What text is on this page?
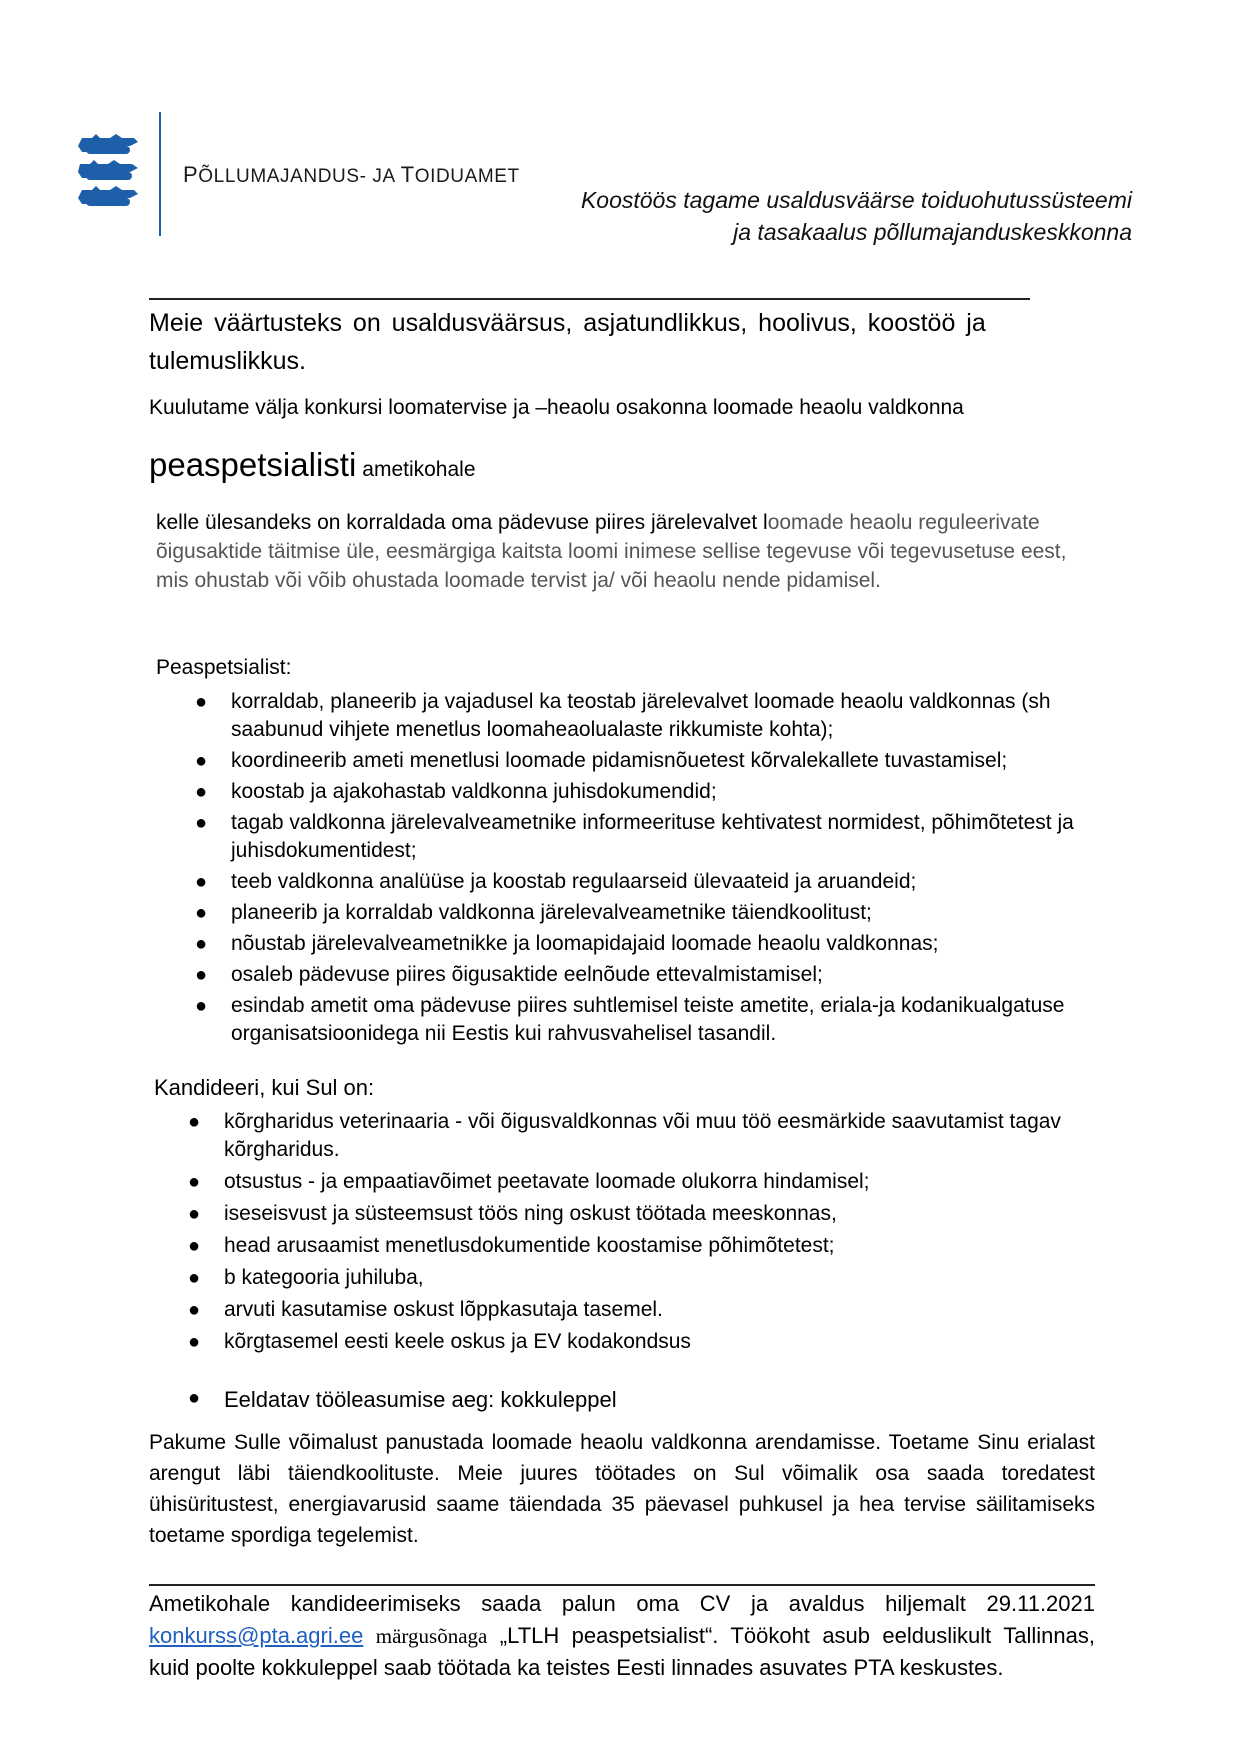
PÕLLUMAJANDUS- JA TOIDUAMET
Koostöös tagame usaldusväärse toiduohutussüsteemi
ja tasakaalus põllumajanduskeskkonna
Meie väärtusteks on usaldusväärsus, asjatundlikkus, hoolivus, koostöö ja tulemuslikkus.
Kuulutame välja konkursi loomatervise ja –heaolu osakonna loomade heaolu valdkonna
peaspetsialisti ametikohale
kelle ülesandeks on korraldada oma pädevuse piires järelevalvet loomade heaolu reguleerivate õigusaktide täitmise üle, eesmärgiga kaitsta loomi inimese sellise tegevuse või tegevusetuse eest, mis ohustab või võib ohustada loomade tervist ja/ või heaolu nende pidamisel.
Peaspetsialist:
● korraldab, planeerib ja vajadusel ka teostab järelevalvet loomade heaolu valdkonnas (sh saabunud vihjete menetlus loomaheaolualaste rikkumiste kohta);
● koordineerib ameti menetlusi loomade pidamisnõuetest kõrvalekallete tuvastamisel;
● koostab ja ajakohastab valdkonna juhisdokumendid;
● tagab valdkonna järelevalveametnike informeerituse kehtivatest normidest, põhimõtetest ja juhisdokumentidest;
● teeb valdkonna analüüse ja koostab regulaarseid ülevaateid ja aruandeid;
● planeerib ja korraldab valdkonna järelevalveametnike täiendkoolitust;
● nõustab järelevalveametnikke ja loomapidajaid loomade heaolu valdkonnas;
● osaleb pädevuse piires õigusaktide eelnõude ettevalmistamisel;
● esindab ametit oma pädevuse piires suhtlemisel teiste ametite, eriala-ja kodanikualgatuse organisatsioonidega nii Eestis kui rahvusvahelisel tasandil.
Kandideeri, kui Sul on:
● kõrgharidus veterinaaria - või õigusvaldkonnas või muu töö eesmärkide saavutamist tagav kõrgharidus.
● otsustus - ja empaatiavõimet peetavate loomade olukorra hindamisel;
● iseseisvust ja süsteemsust töös ning oskust töötada meeskonnas,
● head arusaamist menetlusdokumentide koostamise põhimõtetest;
● b kategooria juhiluba,
● arvuti kasutamise oskust lõppkasutaja tasemel.
● kõrgtasemel eesti keele oskus ja EV kodakondsus
● Eeldatav tööleasumise aeg: kokkuleppel
Pakume Sulle võimalust panustada loomade heaolu valdkonna arendamisse. Toetame Sinu erialast arengut läbi täiendkoolituste. Meie juures töötades on Sul võimalik osa saada toredatest ühisüritustest, energiavarusid saame täiendada 35 päevasel puhkusel ja hea tervise säilitamiseks toetame spordiga tegelemist.
Ametikohale kandideerimiseks saada palun oma CV ja avaldus hiljemalt 29.11.2021 konkurss@pta.agri.ee märgusõnaga „LTLH peaspetsialist“. Töökoht asub eelduslikult Tallinnas, kuid poolte kokkuleppel saab töötada ka teistes Eesti linnades asuvates PTA keskustes.
